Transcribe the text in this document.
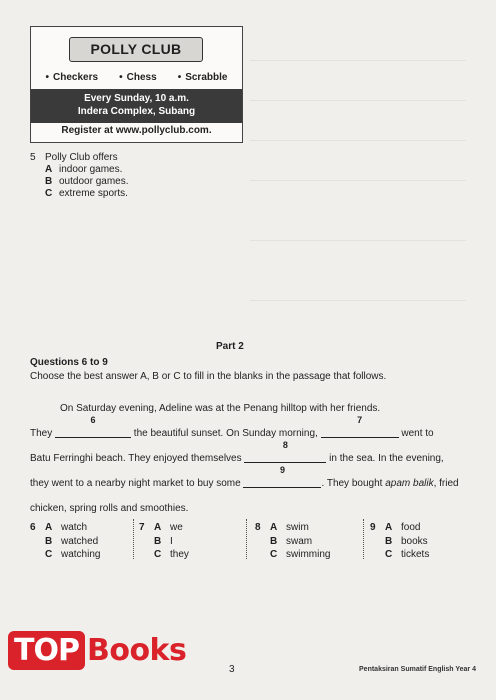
POLLY CLUB
• Checkers • Chess • Scrabble
Every Sunday, 10 a.m.
Indera Complex, Subang
Register at www.pollyclub.com.
5 Polly Club offers
A indoor games.
B outdoor games.
C extreme sports.
Part 2
Questions 6 to 9
Choose the best answer A, B or C to fill in the blanks in the passage that follows.
On Saturday evening, Adeline was at the Penang hilltop with her friends.
They
6
the beautiful sunset. On Sunday morning,
7
went to
Batu Ferringhi beach. They enjoyed themselves
8
in the sea. In the evening,
they went to a nearby night market to buy some
9
. They bought apam balik, fried
chicken, spring rolls and smoothies.
6 A watch
B watched
C watching
7 A we
B I
C they
8 A swim
B swam
C swimming
9 A food
B books
C tickets
TOP Books
3	Pentaksiran Sumatif English Year 4
